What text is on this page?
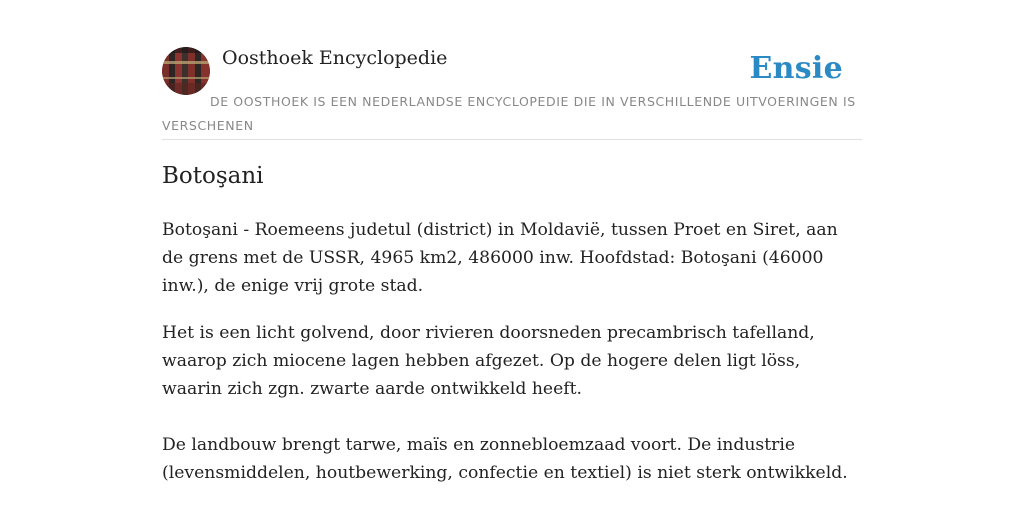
Oosthoek Encyclopedie	Ensie
DE OOSTHOEK IS EEN NEDERLANDSE ENCYCLOPEDIE DIE IN VERSCHILLENDE UITVOERINGEN IS VERSCHENEN
Botoşani

Botoşani - Roemeens judetul (district) in Moldavië, tussen Proet en Siret, aan de grens met de USSR, 4965 km2, 486000 inw. Hoofdstad: Botoşani (46000 inw.), de enige vrij grote stad.

Het is een licht golvend, door rivieren doorsneden precambrisch tafelland, waarop zich miocene lagen hebben afgezet. Op de hogere delen ligt löss, waarin zich zgn. zwarte aarde ontwikkeld heeft.

De landbouw brengt tarwe, maïs en zonnebloemzaad voort. De industrie (levensmiddelen, houtbewerking, confectie en textiel) is niet sterk ontwikkeld.
